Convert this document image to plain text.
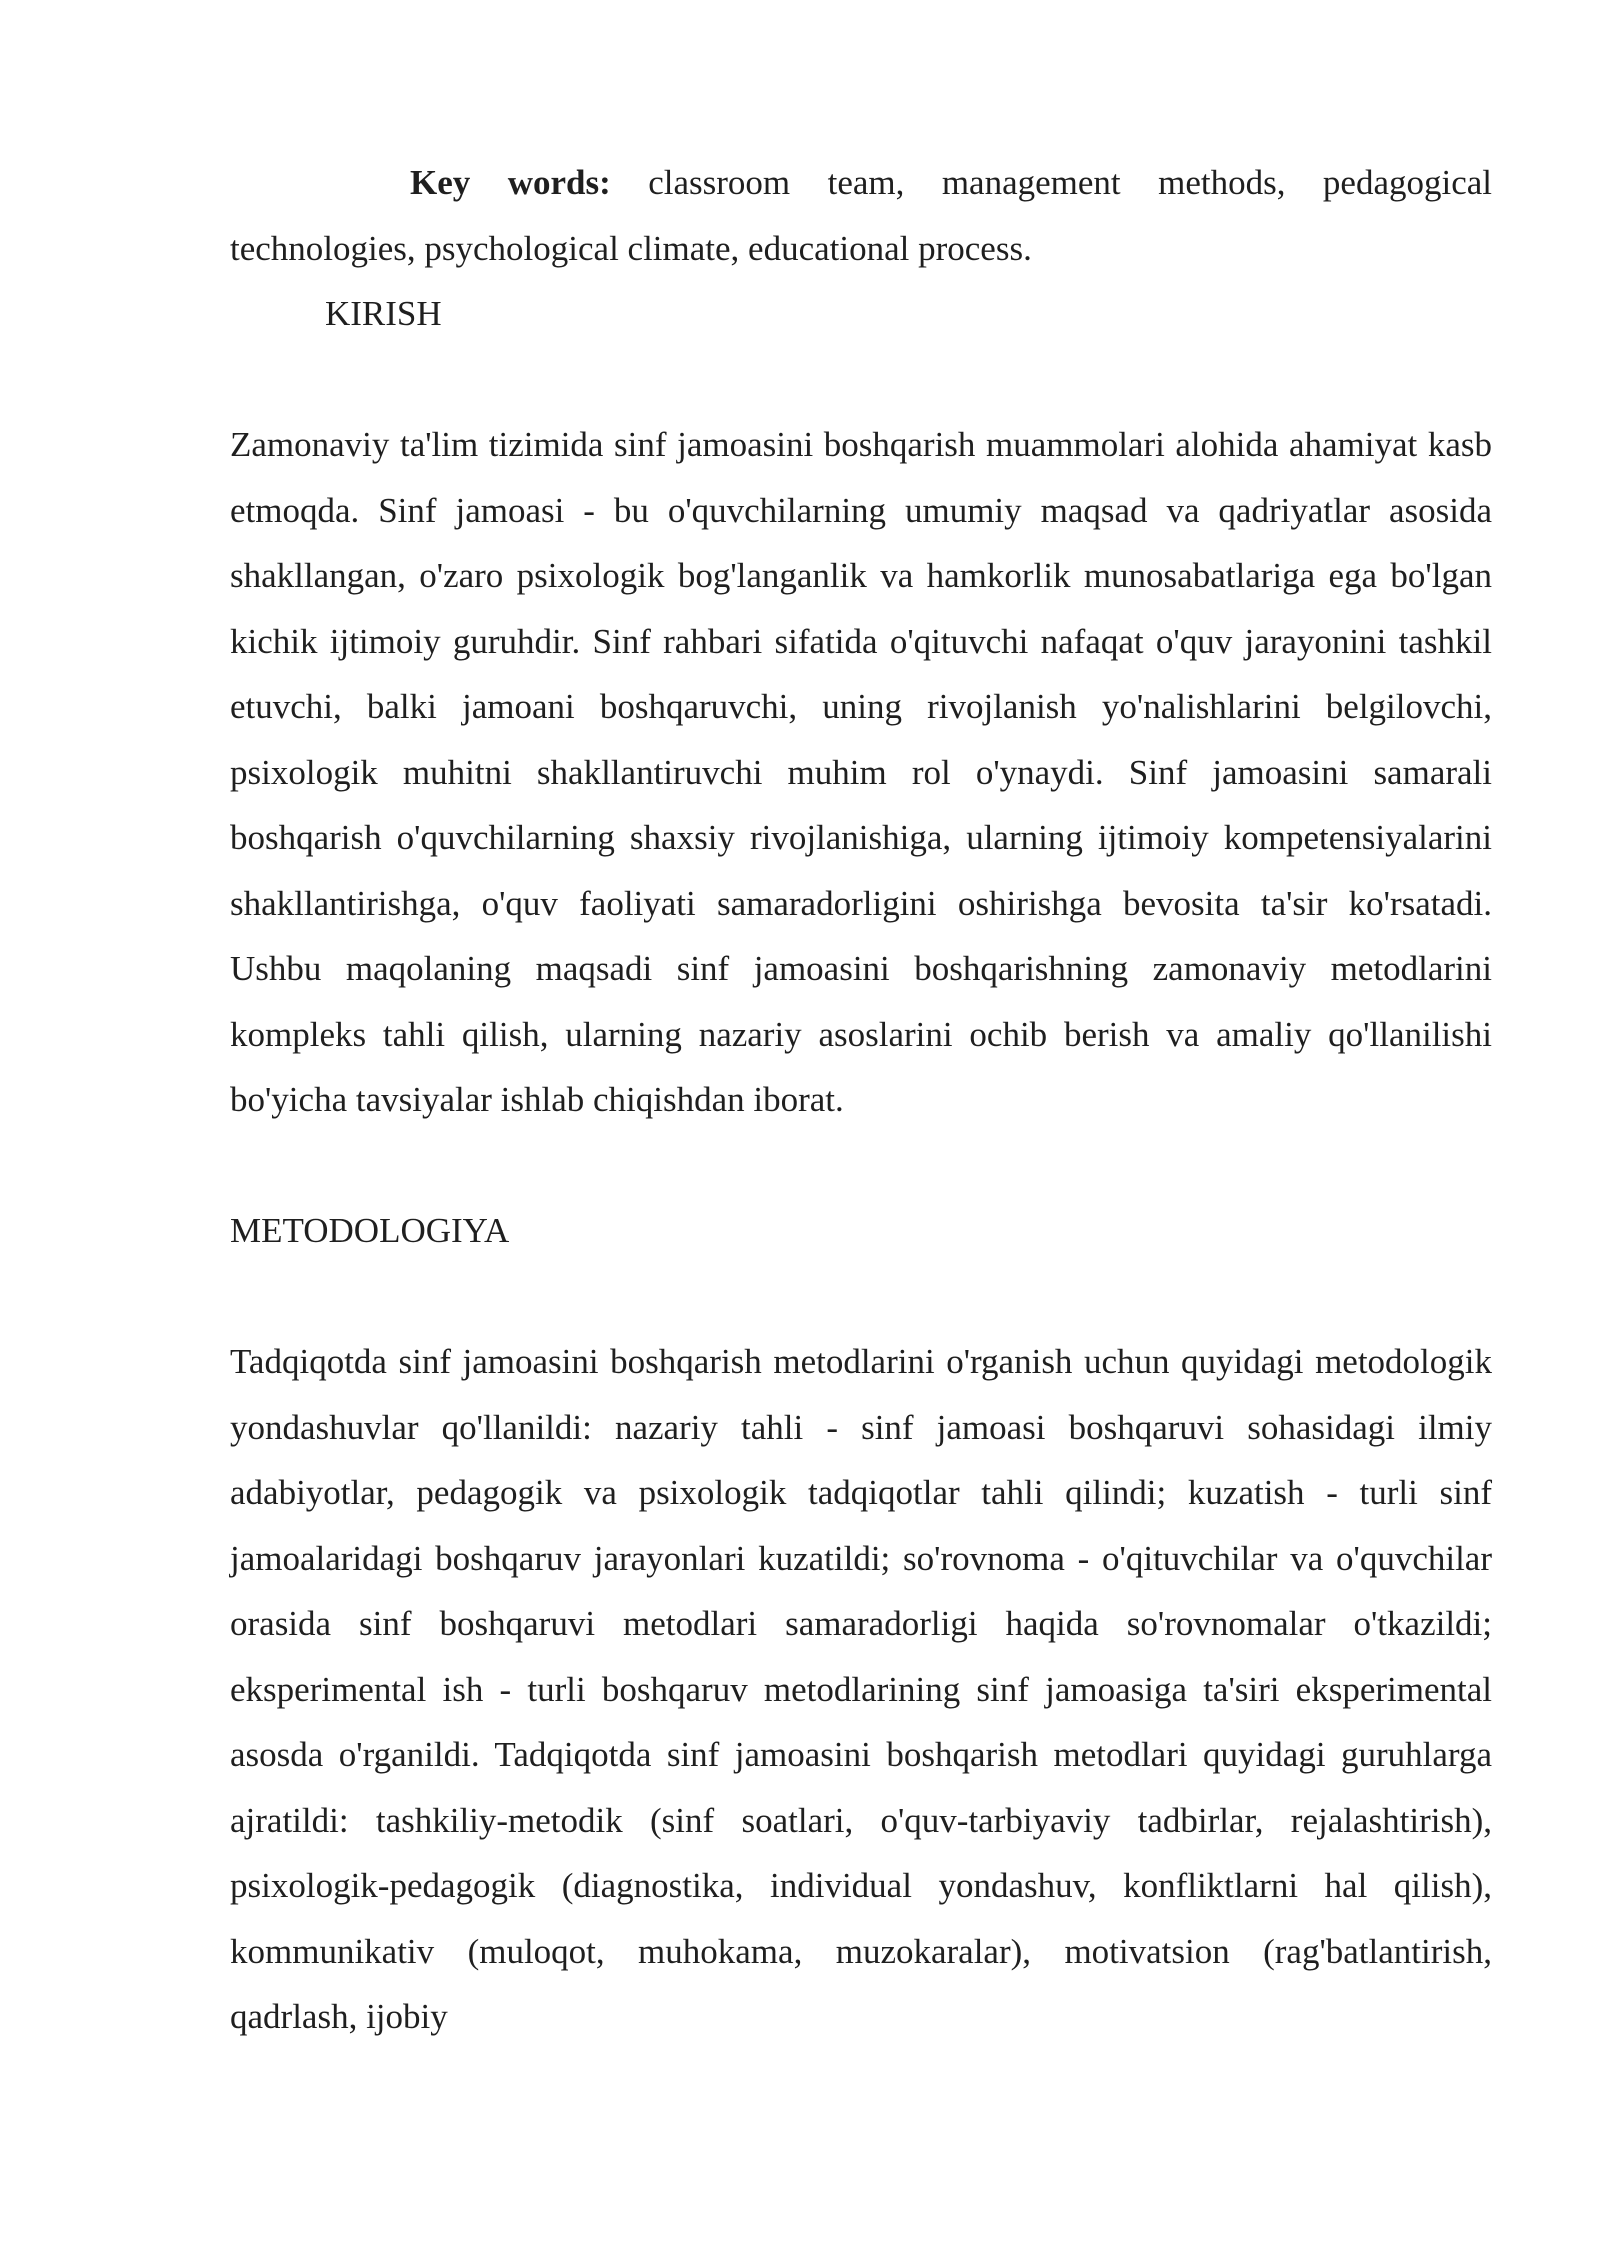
Key words: classroom team, management methods, pedagogical technologies, psychological climate, educational process.

KIRISH

Zamonaviy ta'lim tizimida sinf jamoasini boshqarish muammolari alohida ahamiyat kasb etmoqda. Sinf jamoasi - bu o'quvchilarning umumiy maqsad va qadriyatlar asosida shakllangan, o'zaro psixologik bog'langanlik va hamkorlik munosabatlariga ega bo'lgan kichik ijtimoiy guruhdir. Sinf rahbari sifatida o'qituvchi nafaqat o'quv jarayonini tashkil etuvchi, balki jamoani boshqaruvchi, uning rivojlanish yo'nalishlarini belgilovchi, psixologik muhitni shakllantiruvchi muhim rol o'ynaydi. Sinf jamoasini samarali boshqarish o'quvchilarning shaxsiy rivojlanishiga, ularning ijtimoiy kompetensiyalarini shakllantirishga, o'quv faoliyati samaradorligini oshirishga bevosita ta'sir ko'rsatadi. Ushbu maqolaning maqsadi sinf jamoasini boshqarishning zamonaviy metodlarini kompleks tahli qilish, ularning nazariy asoslarini ochib berish va amaliy qo'llanilishi bo'yicha tavsiyalar ishlab chiqishdan iborat.

METODOLOGIYA

Tadqiqotda sinf jamoasini boshqarish metodlarini o'rganish uchun quyidagi metodologik yondashuvlar qo'llanildi: nazariy tahli - sinf jamoasi boshqaruvi sohasidagi ilmiy adabiyotlar, pedagogik va psixologik tadqiqotlar tahli qilindi; kuzatish - turli sinf jamoalaridagi boshqaruv jarayonlari kuzatildi; so'rovnoma - o'qituvchilar va o'quvchilar orasida sinf boshqaruvi metodlari samaradorligi haqida so'rovnomalar o'tkazildi; eksperimental ish - turli boshqaruv metodlarining sinf jamoasiga ta'siri eksperimental asosda o'rganildi. Tadqiqotda sinf jamoasini boshqarish metodlari quyidagi guruhlarga ajratildi: tashkiliy-metodik (sinf soatlari, o'quv-tarbiyaviy tadbirlar, rejalashtirish), psixologik-pedagogik (diagnostika, individual yondashuv, konfliktlarni hal qilish), kommunikativ (muloqot, muhokama, muzokaralar), motivatsion (rag'batlantirish, qadrlash, ijobiy
